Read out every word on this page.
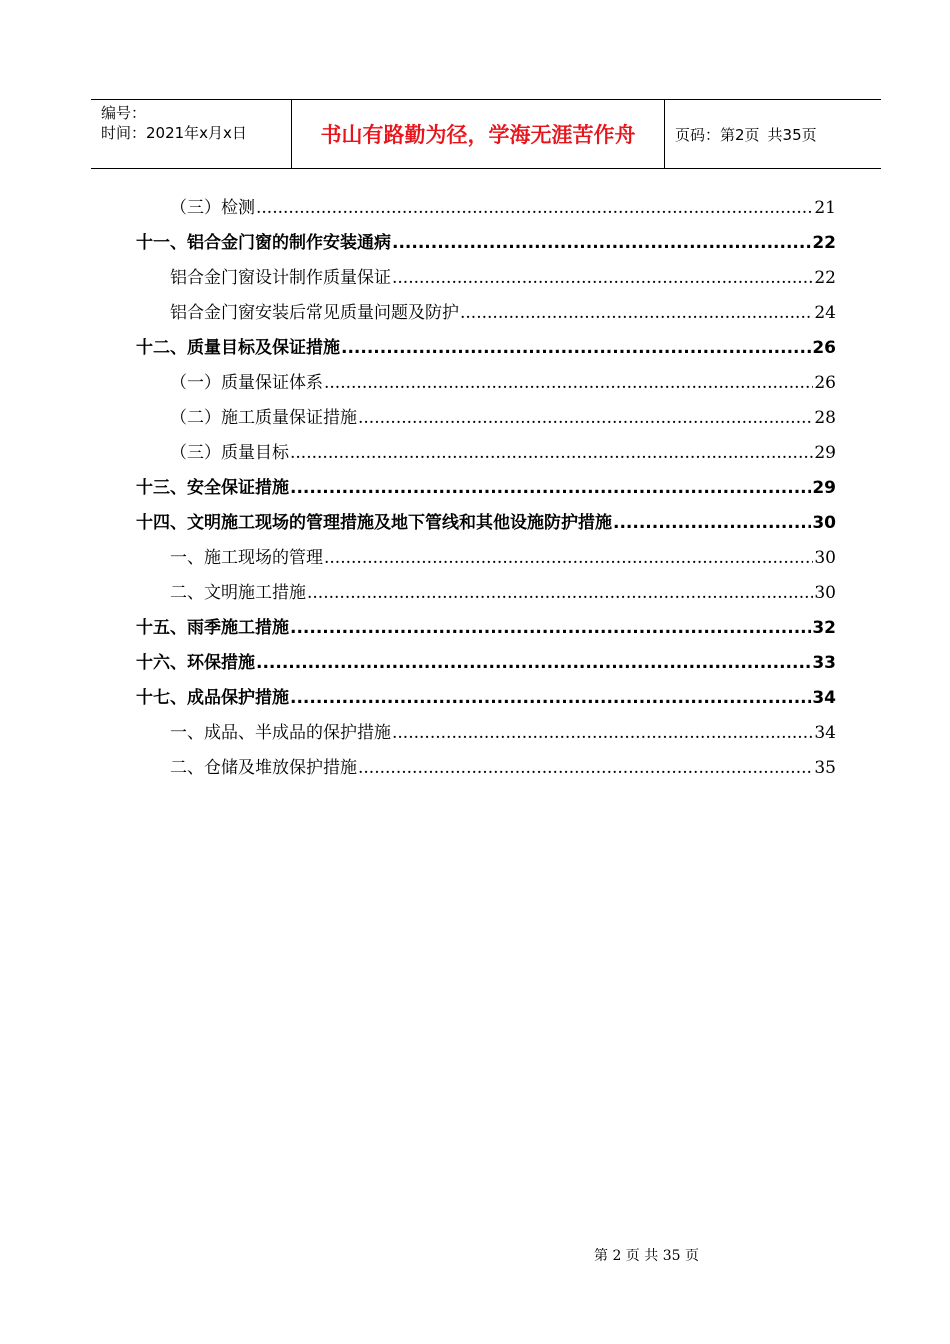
编号：
时间：2021年x月x日	书山有路勤为径，学海无涯苦作舟	页码：第2页 共35页
（三）检测 .....	21
十一、铝合金门窗的制作安装通病 .....	22
铝合金门窗设计制作质量保证 .....	22
铝合金门窗安装后常见质量问题及防护 .....	24
十二、质量目标及保证措施 .....	26
（一）质量保证体系 .....	26
（二）施工质量保证措施 .....	28
（三）质量目标 .....	29
十三、安全保证措施 .....	29
十四、文明施工现场的管理措施及地下管线和其他设施防护措施 .....	30
一、施工现场的管理 .....	30
二、文明施工措施 .....	30
十五、雨季施工措施 .....	32
十六、环保措施 .....	33
十七、成品保护措施 .....	34
一、成品、半成品的保护措施 .....	34
二、仓储及堆放保护措施 .....	35
第 2 页 共 35 页
